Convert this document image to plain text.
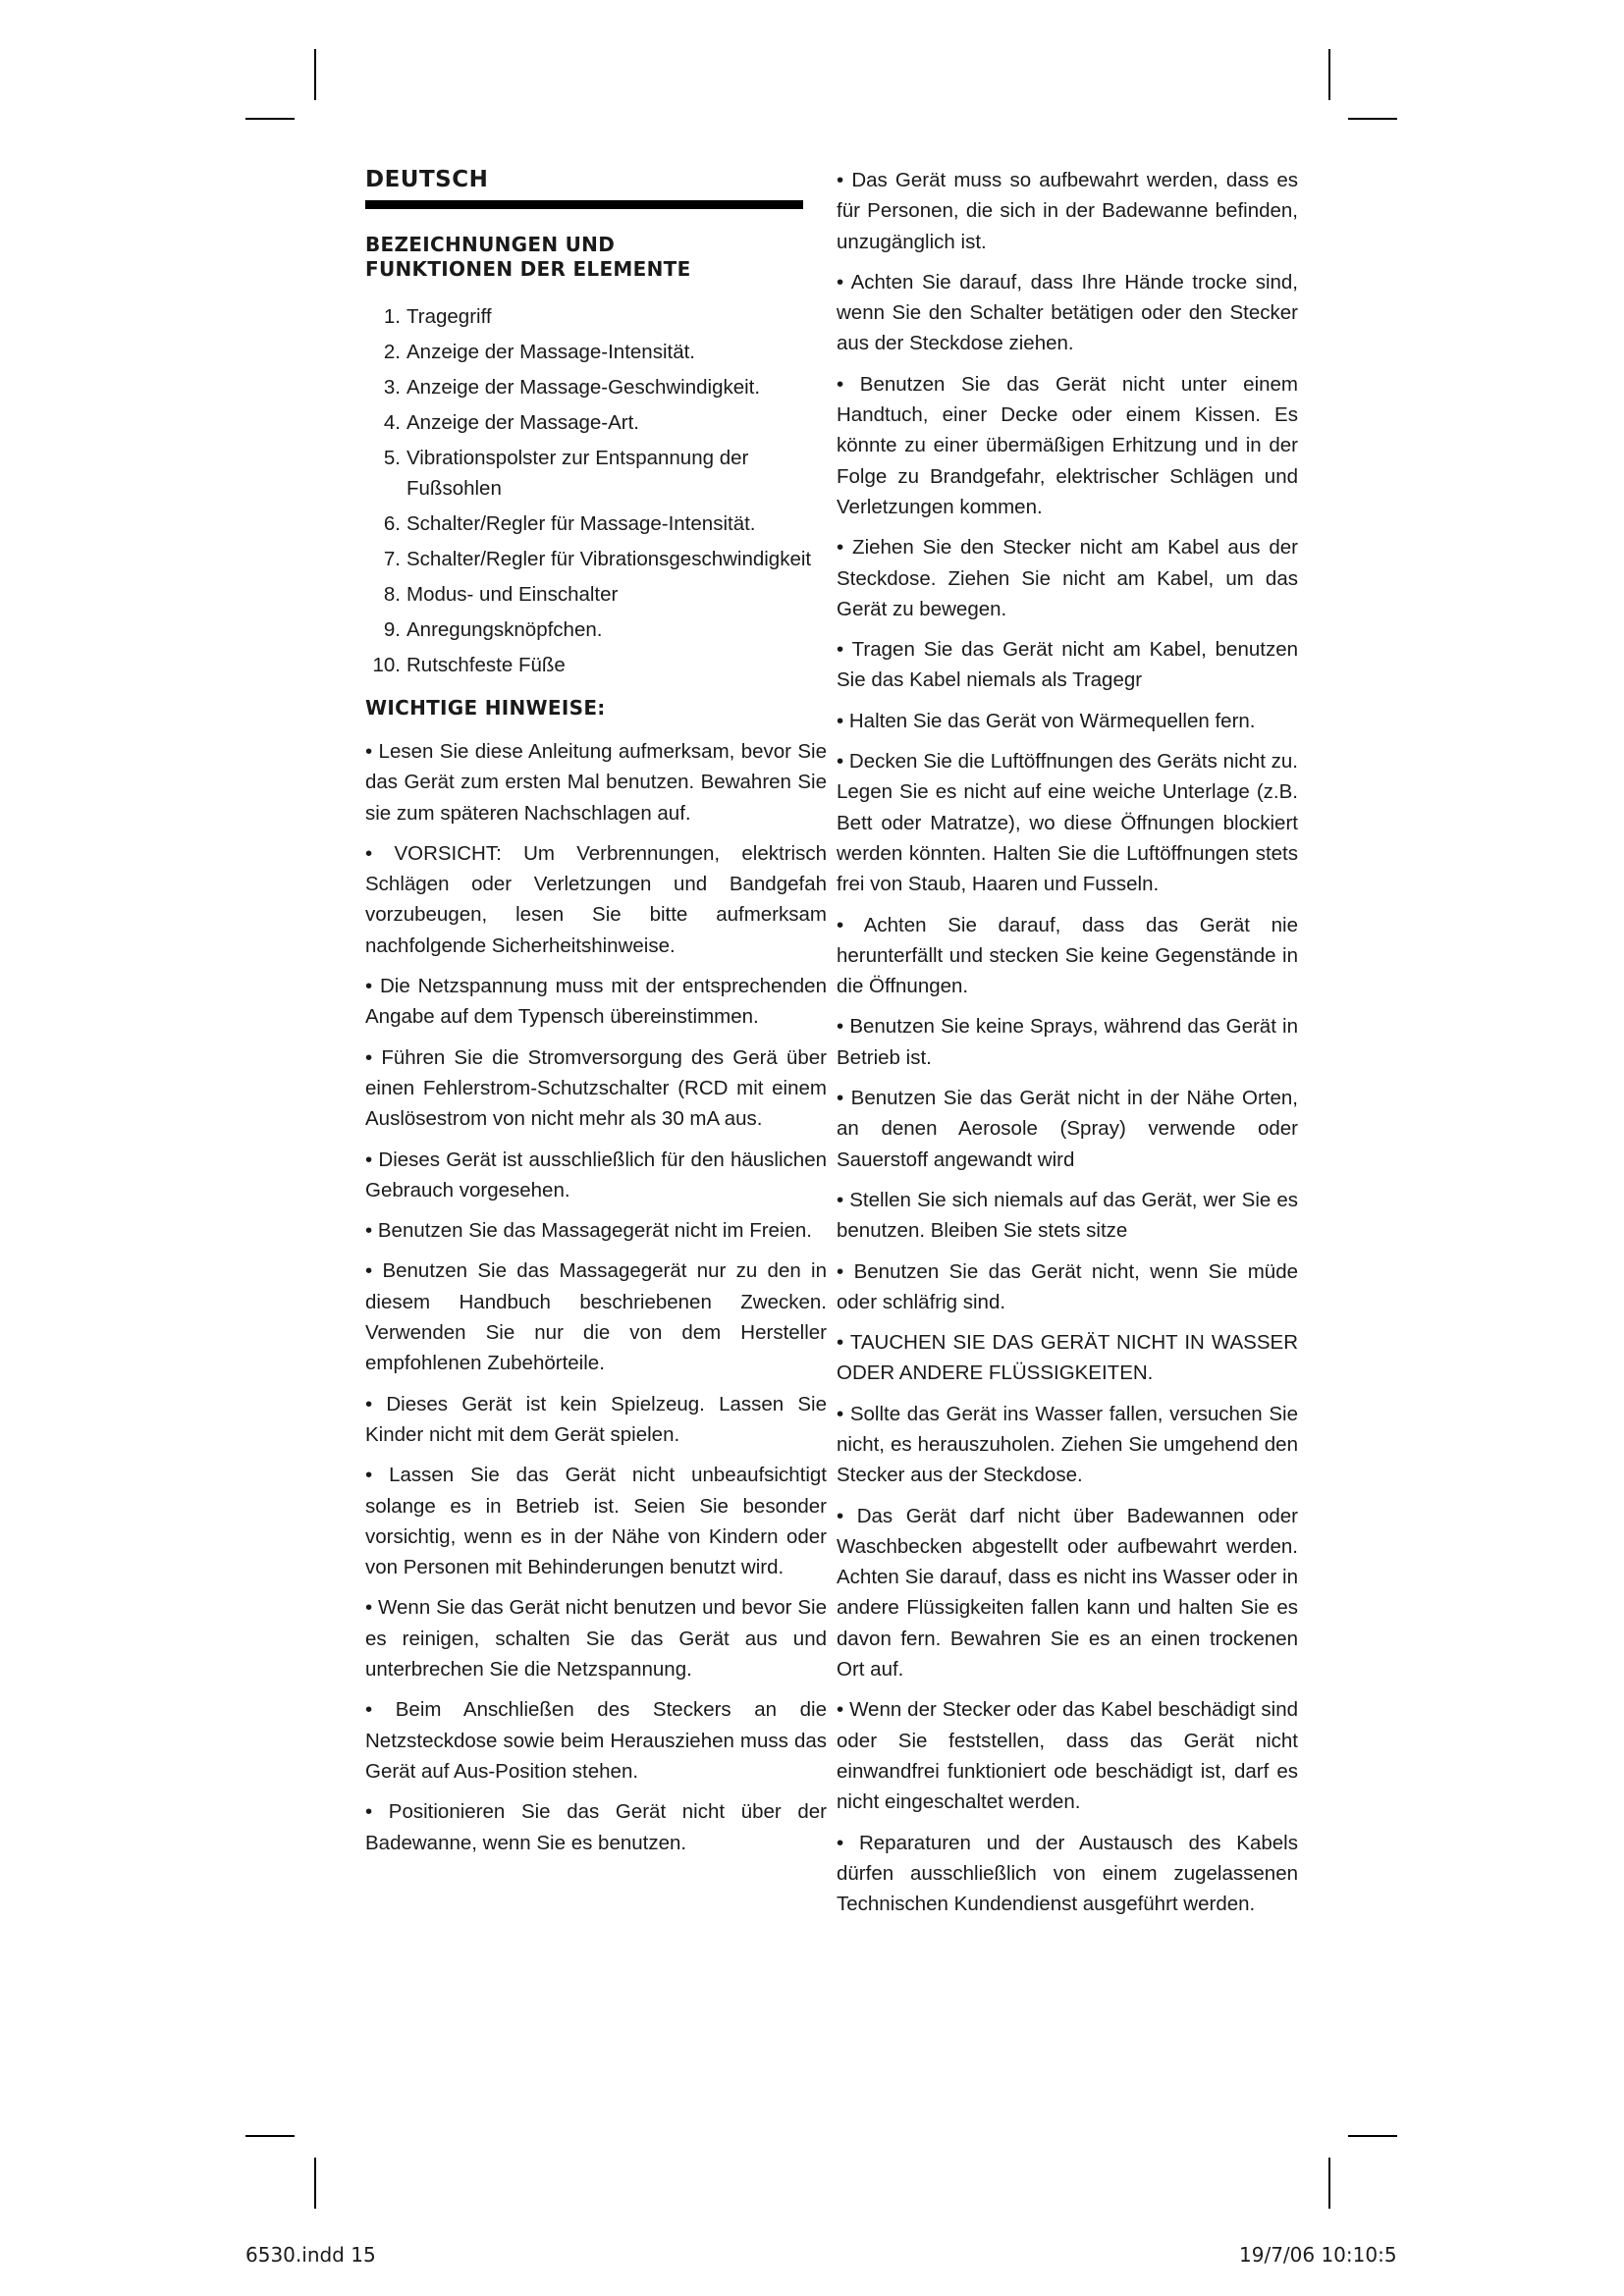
DEUTSCH
BEZEICHNUNGEN UND
FUNKTIONEN DER ELEMENTE
1. Tragegriff
2. Anzeige der Massage-Intensität.
3. Anzeige der Massage-Geschwindigkeit.
4. Anzeige der Massage-Art.
5. Vibrationspolster zur Entspannung der Fußsohlen
6. Schalter/Regler für Massage-Intensität.
7. Schalter/Regler für Vibrationsgeschwindigkeit
8. Modus- und Einschalter
9. Anregungsknöpfchen.
10. Rutschfeste Füße
WICHTIGE HINWEISE:

• Lesen Sie diese Anleitung aufmerksam, bevor Sie das Gerät zum ersten Mal benutzen. Bewahren Sie sie zum späteren Nachschlagen auf.

• VORSICHT: Um Verbrennungen, elektrisch Schlägen oder Verletzungen und Bandgefah vorzubeugen, lesen Sie bitte aufmerksam nachfolgende Sicherheitshinweise.

• Die Netzspannung muss mit der entsprechenden Angabe auf dem Typensch übereinstimmen.

• Führen Sie die Stromversorgung des Gerä über einen Fehlerstrom-Schutzschalter (RCD mit einem Auslösestrom von nicht mehr als 30 mA aus.

• Dieses Gerät ist ausschließlich für den häuslichen Gebrauch vorgesehen.

• Benutzen Sie das Massagegerät nicht im Freien.

• Benutzen Sie das Massagegerät nur zu den in diesem Handbuch beschriebenen Zwecken. Verwenden Sie nur die von dem Hersteller empfohlenen Zubehörteile.

• Dieses Gerät ist kein Spielzeug. Lassen Sie Kinder nicht mit dem Gerät spielen.

• Lassen Sie das Gerät nicht unbeaufsichtigt solange es in Betrieb ist. Seien Sie besonder vorsichtig, wenn es in der Nähe von Kindern oder von Personen mit Behinderungen benutzt wird.

• Wenn Sie das Gerät nicht benutzen und bevor Sie es reinigen, schalten Sie das Gerät aus und unterbrechen Sie die Netzspannung.

• Beim Anschließen des Steckers an die Netzsteckdose sowie beim Herausziehen muss das Gerät auf Aus-Position stehen.

• Positionieren Sie das Gerät nicht über der Badewanne, wenn Sie es benutzen.

• Das Gerät muss so aufbewahrt werden, dass es für Personen, die sich in der Badewanne befinden, unzugänglich ist.

• Achten Sie darauf, dass Ihre Hände trocke sind, wenn Sie den Schalter betätigen oder den Stecker aus der Steckdose ziehen.

• Benutzen Sie das Gerät nicht unter einem Handtuch, einer Decke oder einem Kissen. Es könnte zu einer übermäßigen Erhitzung und in der Folge zu Brandgefahr, elektrischer Schlägen und Verletzungen kommen.

• Ziehen Sie den Stecker nicht am Kabel aus der Steckdose. Ziehen Sie nicht am Kabel, um das Gerät zu bewegen.

• Tragen Sie das Gerät nicht am Kabel, benutzen Sie das Kabel niemals als Tragegr

• Halten Sie das Gerät von Wärmequellen fern.

• Decken Sie die Luftöffnungen des Geräts nicht zu. Legen Sie es nicht auf eine weiche Unterlage (z.B. Bett oder Matratze), wo diese Öffnungen blockiert werden könnten. Halten Sie die Luftöffnungen stets frei von Staub, Haaren und Fusseln.

• Achten Sie darauf, dass das Gerät nie herunterfällt und stecken Sie keine Gegenstände in die Öffnungen.

• Benutzen Sie keine Sprays, während das Gerät in Betrieb ist.

• Benutzen Sie das Gerät nicht in der Nähe Orten, an denen Aerosole (Spray) verwende oder Sauerstoff angewandt wird

• Stellen Sie sich niemals auf das Gerät, wer Sie es benutzen. Bleiben Sie stets sitze

• Benutzen Sie das Gerät nicht, wenn Sie müde oder schläfrig sind.

• TAUCHEN SIE DAS GERÄT NICHT IN WASSER ODER ANDERE FLÜSSIGKEITEN.

• Sollte das Gerät ins Wasser fallen, versuchen Sie nicht, es herauszuholen. Ziehen Sie umgehend den Stecker aus der Steckdose.

• Das Gerät darf nicht über Badewannen oder Waschbecken abgestellt oder aufbewahrt werden. Achten Sie darauf, dass es nicht ins Wasser oder in andere Flüssigkeiten fallen kann und halten Sie es davon fern. Bewahren Sie es an einen trockenen Ort auf.

• Wenn der Stecker oder das Kabel beschädigt sind oder Sie feststellen, dass das Gerät nicht einwandfrei funktioniert ode beschädigt ist, darf es nicht eingeschaltet werden.

• Reparaturen und der Austausch des Kabels dürfen ausschließlich von einem zugelassenen Technischen Kundendienst ausgeführt werden.

6530.indd 15	19/7/06 10:10:5
